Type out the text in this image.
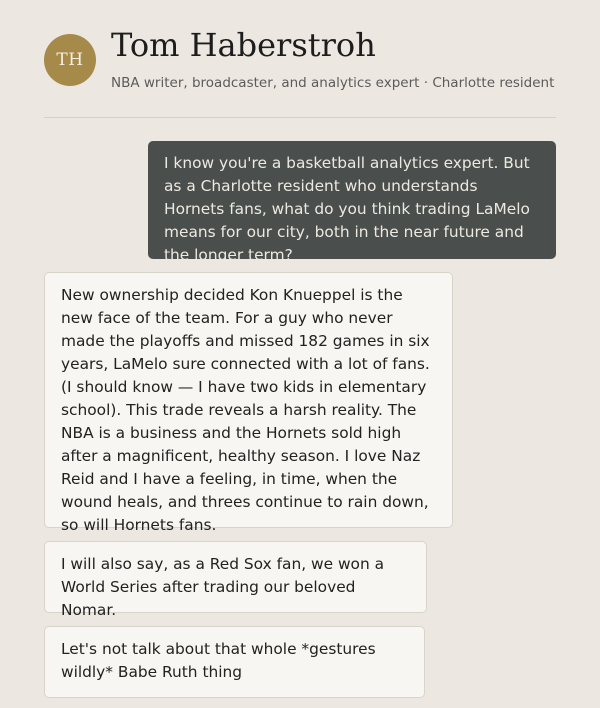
TH Tom Haberstroh
NBA writer, broadcaster, and analytics expert · Charlotte resident
I know you're a basketball analytics expert. But as a Charlotte resident who understands Hornets fans, what do you think trading LaMelo means for our city, both in the near future and the longer term?
New ownership decided Kon Knueppel is the new face of the team. For a guy who never made the playoffs and missed 182 games in six years, LaMelo sure connected with a lot of fans. (I should know — I have two kids in elementary school). This trade reveals a harsh reality. The NBA is a business and the Hornets sold high after a magnificent, healthy season. I love Naz Reid and I have a feeling, in time, when the wound heals, and threes continue to rain down, so will Hornets fans.
I will also say, as a Red Sox fan, we won a World Series after trading our beloved Nomar.
Let's not talk about that whole *gestures wildly* Babe Ruth thing
